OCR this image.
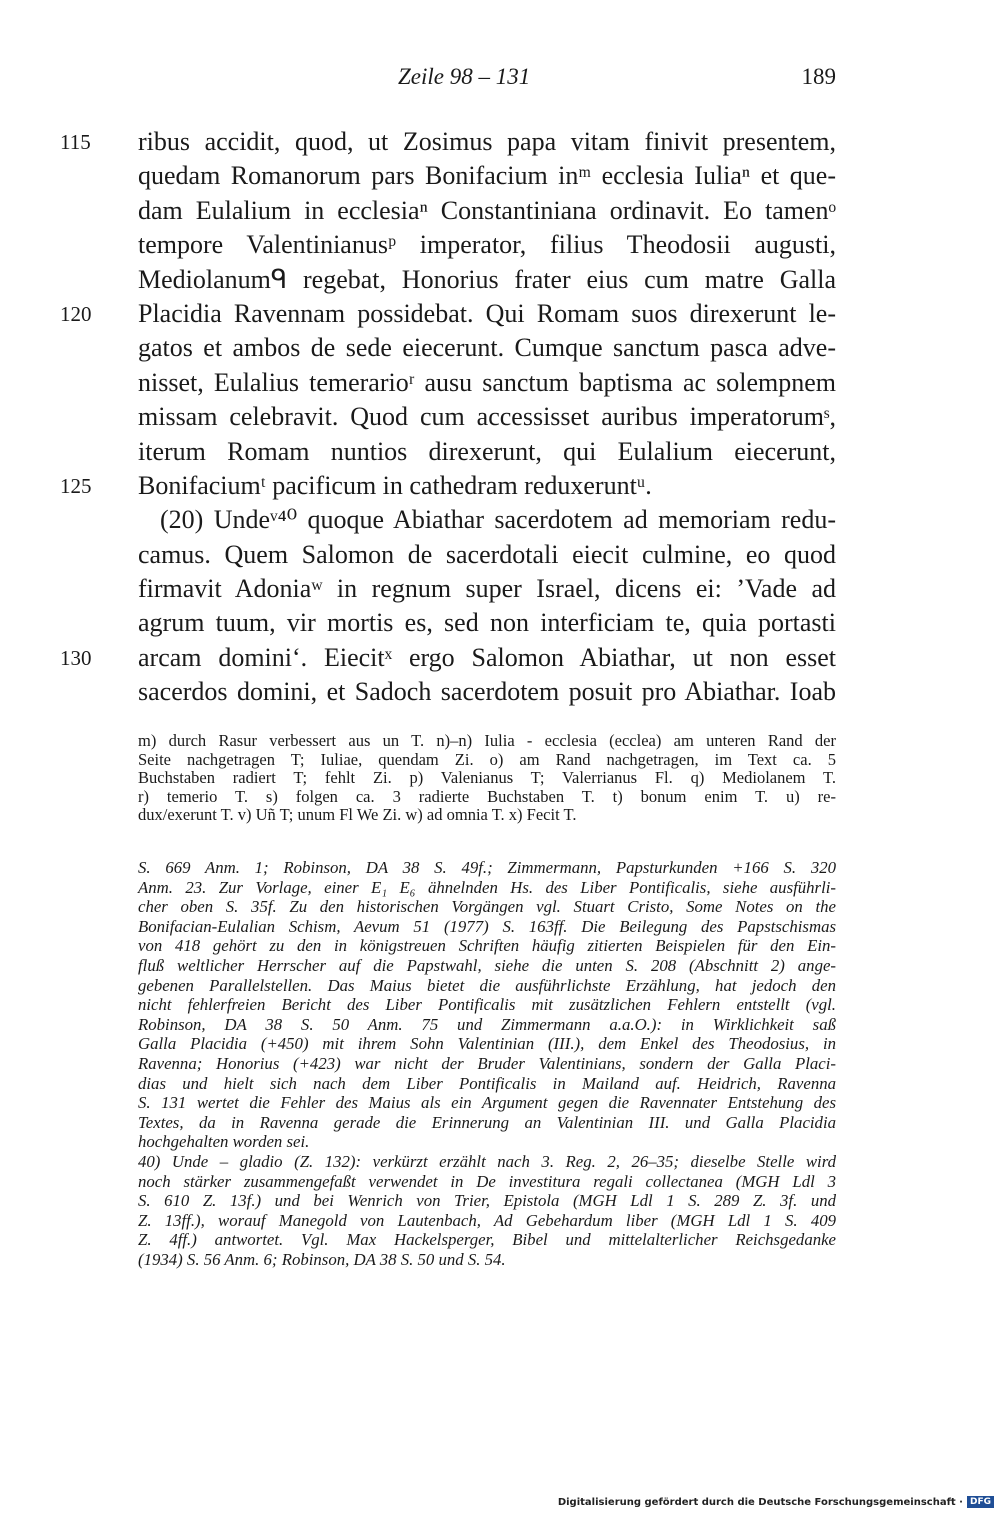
Zeile 98 – 131	189
115 ribus accidit, quod, ut Zosimus papa vitam finivit presentem,
quedam Romanorum pars Bonifacium inᵐ ecclesia Iuliaⁿ et que-
dam Eulalium in ecclesiaⁿ Constantiniana ordinavit. Eo tamenᵒ
tempore Valentinianusᵖ imperator, filius Theodosii augusti,
Mediolanumᑫ regebat, Honorius frater eius cum matre Galla
120 Placidia Ravennam possidebat. Qui Romam suos direxerunt le-
gatos et ambos de sede eiecerunt. Cumque sanctum pasca adve-
nisset, Eulalius temerarioʳ ausu sanctum baptisma ac solempnem
missam celebravit. Quod cum accessisset auribus imperatorumˢ,
iterum Romam nuntios direxerunt, qui Eulalium eiecerunt,
125 Bonifaciumᵗ pacificum in cathedram reduxeruntᵘ.
(20) Undeᵛ⁴⁰ quoque Abiathar sacerdotem ad memoriam redu-
camus. Quem Salomon de sacerdotali eiecit culmine, eo quod
firmavit Adoniaʷ in regnum super Israel, dicens ei: ’Vade ad
agrum tuum, vir mortis es, sed non interficiam te, quia portasti
130 arcam domini‘. Eiecitˣ ergo Salomon Abiathar, ut non esset
sacerdos domini, et Sadoch sacerdotem posuit pro Abiathar. Ioab

m) durch Rasur verbessert aus un T. n)–n) Iulia - ecclesia (ecclea) am unteren Rand der

Seite nachgetragen T; Iuliae, quendam Zi. o) am Rand nachgetragen, im Text ca. 5

Buchstaben radiert T; fehlt Zi. p) Valenianus T; Valerrianus Fl. q) Mediolanem T.

r) temerio T. s) folgen ca. 3 radierte Buchstaben T. t) bonum enim T. u) re-

dux/exerunt T. v) Uñ T; unum Fl We Zi. w) ad omnia T. x) Fecit T.

S. 669 Anm. 1; Robinson, DA 38 S. 49f.; Zimmermann, Papsturkunden +166 S. 320

Anm. 23. Zur Vorlage, einer E₁ E₆ ähnelnden Hs. des Liber Pontificalis, siehe ausführli-

cher oben S. 35f. Zu den historischen Vorgängen vgl. Stuart Cristo, Some Notes on the

Bonifacian-Eulalian Schism, Aevum 51 (1977) S. 163ff. Die Beilegung des Papstschismas

von 418 gehört zu den in königstreuen Schriften häufig zitierten Beispielen für den Ein-

fluß weltlicher Herrscher auf die Papstwahl, siehe die unten S. 208 (Abschnitt 2) ange-

gebenen Parallelstellen. Das Maius bietet die ausführlichste Erzählung, hat jedoch den

nicht fehlerfreien Bericht des Liber Pontificalis mit zusätzlichen Fehlern entstellt (vgl.

Robinson, DA 38 S. 50 Anm. 75 und Zimmermann a.a.O.): in Wirklichkeit saß

Galla Placidia (+450) mit ihrem Sohn Valentinian (III.), dem Enkel des Theodosius, in

Ravenna; Honorius (+423) war nicht der Bruder Valentinians, sondern der Galla Placi-

dias und hielt sich nach dem Liber Pontificalis in Mailand auf. Heidrich, Ravenna

S. 131 wertet die Fehler des Maius als ein Argument gegen die Ravennater Entstehung des

Textes, da in Ravenna gerade die Erinnerung an Valentinian III. und Galla Placidia

hochgehalten worden sei.

40) Unde – gladio (Z. 132): verkürzt erzählt nach 3. Reg. 2, 26–35; dieselbe Stelle wird

noch stärker zusammengefaßt verwendet in De investitura regali collectanea (MGH Ldl 3

S. 610 Z. 13f.) und bei Wenrich von Trier, Epistola (MGH Ldl 1 S. 289 Z. 3f. und

Z. 13ff.), worauf Manegold von Lautenbach, Ad Gebehardum liber (MGH Ldl 1 S. 409

Z. 4ff.) antwortet. Vgl. Max Hackelsperger, Bibel und mittelalterlicher Reichsgedanke

(1934) S. 56 Anm. 6; Robinson, DA 38 S. 50 und S. 54.

Digitalisierung gefördert durch die Deutsche Forschungsgemeinschaft · DFG
